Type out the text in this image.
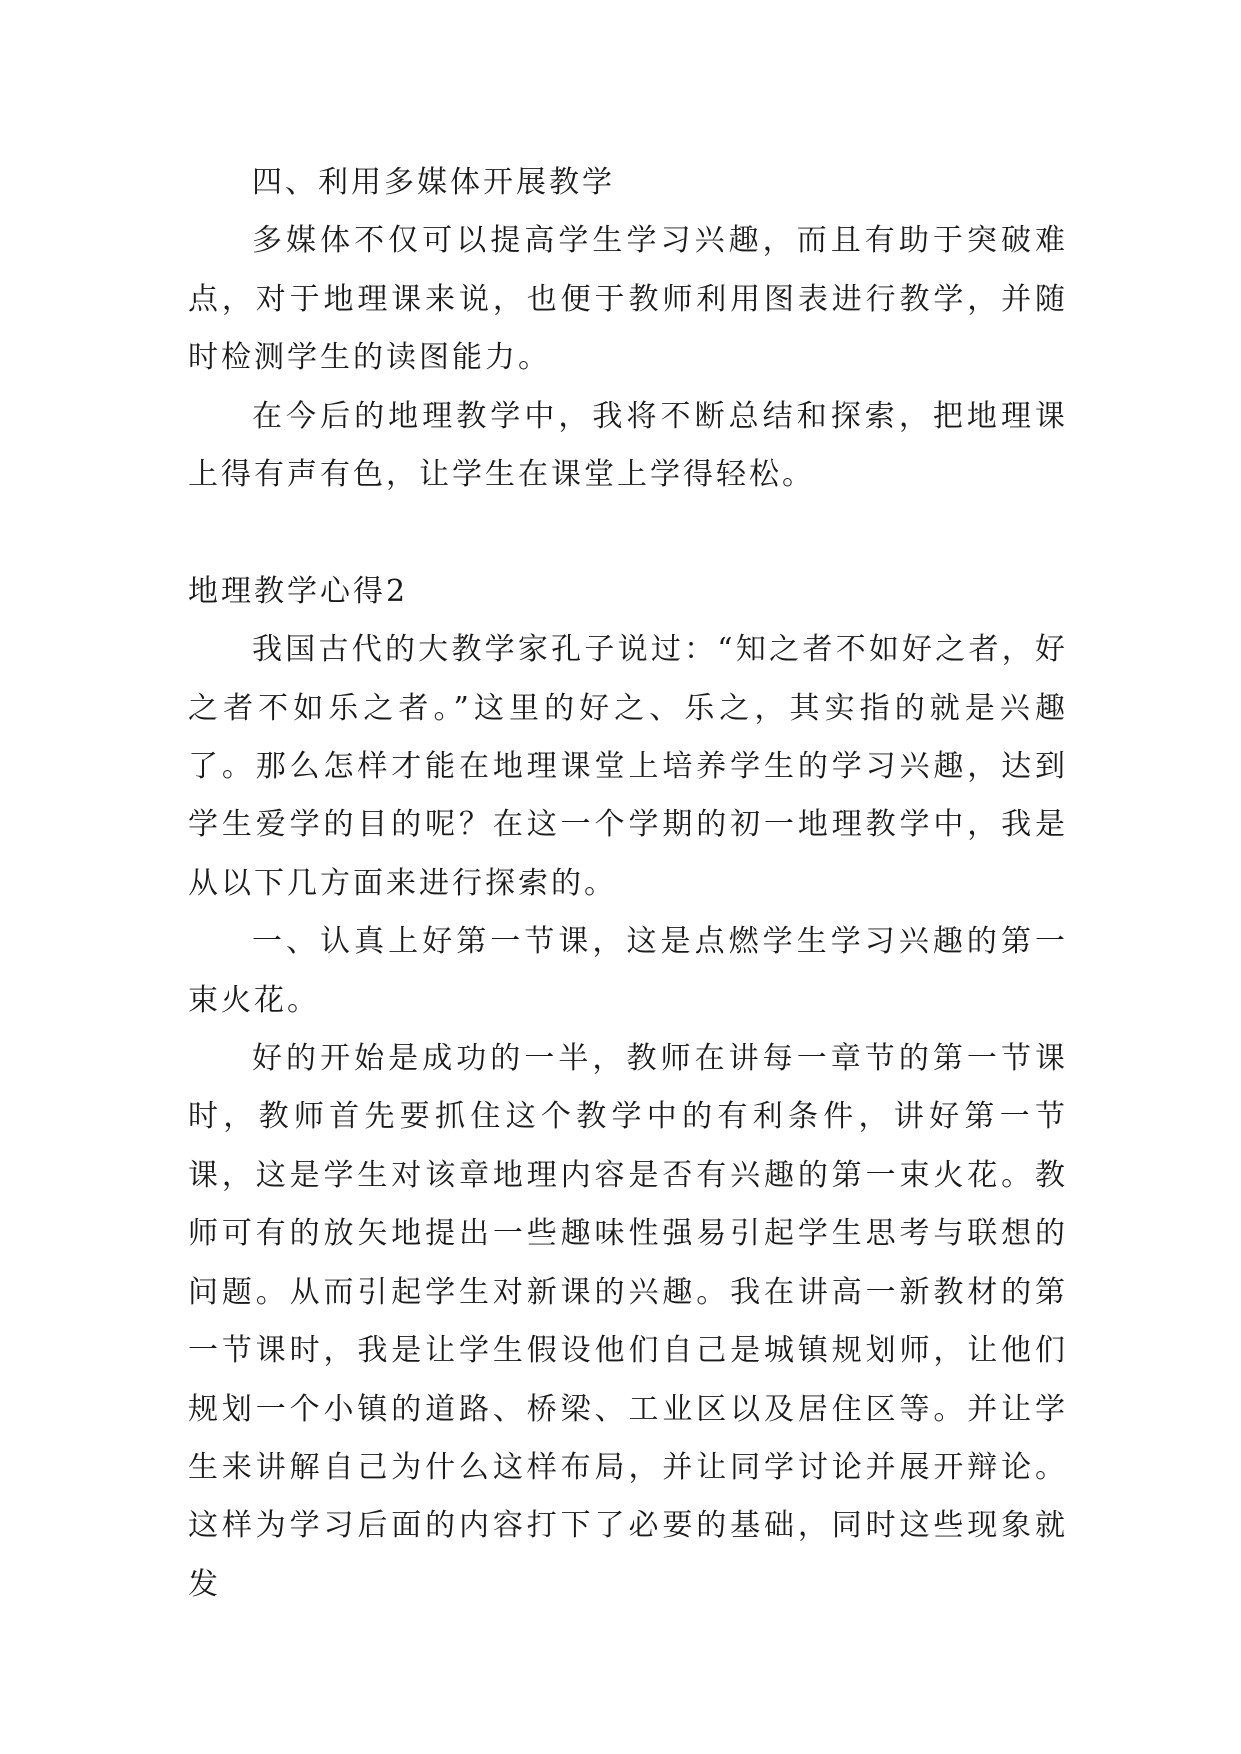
四、利用多媒体开展教学

多媒体不仅可以提高学生学习兴趣，而且有助于突破难点，对于地理课来说，也便于教师利用图表进行教学，并随时检测学生的读图能力。

在今后的地理教学中，我将不断总结和探索，把地理课上得有声有色，让学生在课堂上学得轻松。

地理教学心得2

我国古代的大教学家孔子说过：“知之者不如好之者，好之者不如乐之者。”这里的好之、乐之，其实指的就是兴趣了。那么怎样才能在地理课堂上培养学生的学习兴趣，达到学生爱学的目的呢？在这一个学期的初一地理教学中，我是从以下几方面来进行探索的。

一、认真上好第一节课，这是点燃学生学习兴趣的第一束火花。

好的开始是成功的一半，教师在讲每一章节的第一节课时，教师首先要抓住这个教学中的有利条件，讲好第一节课，这是学生对该章地理内容是否有兴趣的第一束火花。教师可有的放矢地提出一些趣味性强易引起学生思考与联想的问题。从而引起学生对新课的兴趣。我在讲高一新教材的第一节课时，我是让学生假设他们自己是城镇规划师，让他们规划一个小镇的道路、桥梁、工业区以及居住区等。并让学生来讲解自己为什么这样布局，并让同学讨论并展开辩论。这样为学习后面的内容打下了必要的基础，同时这些现象就发
